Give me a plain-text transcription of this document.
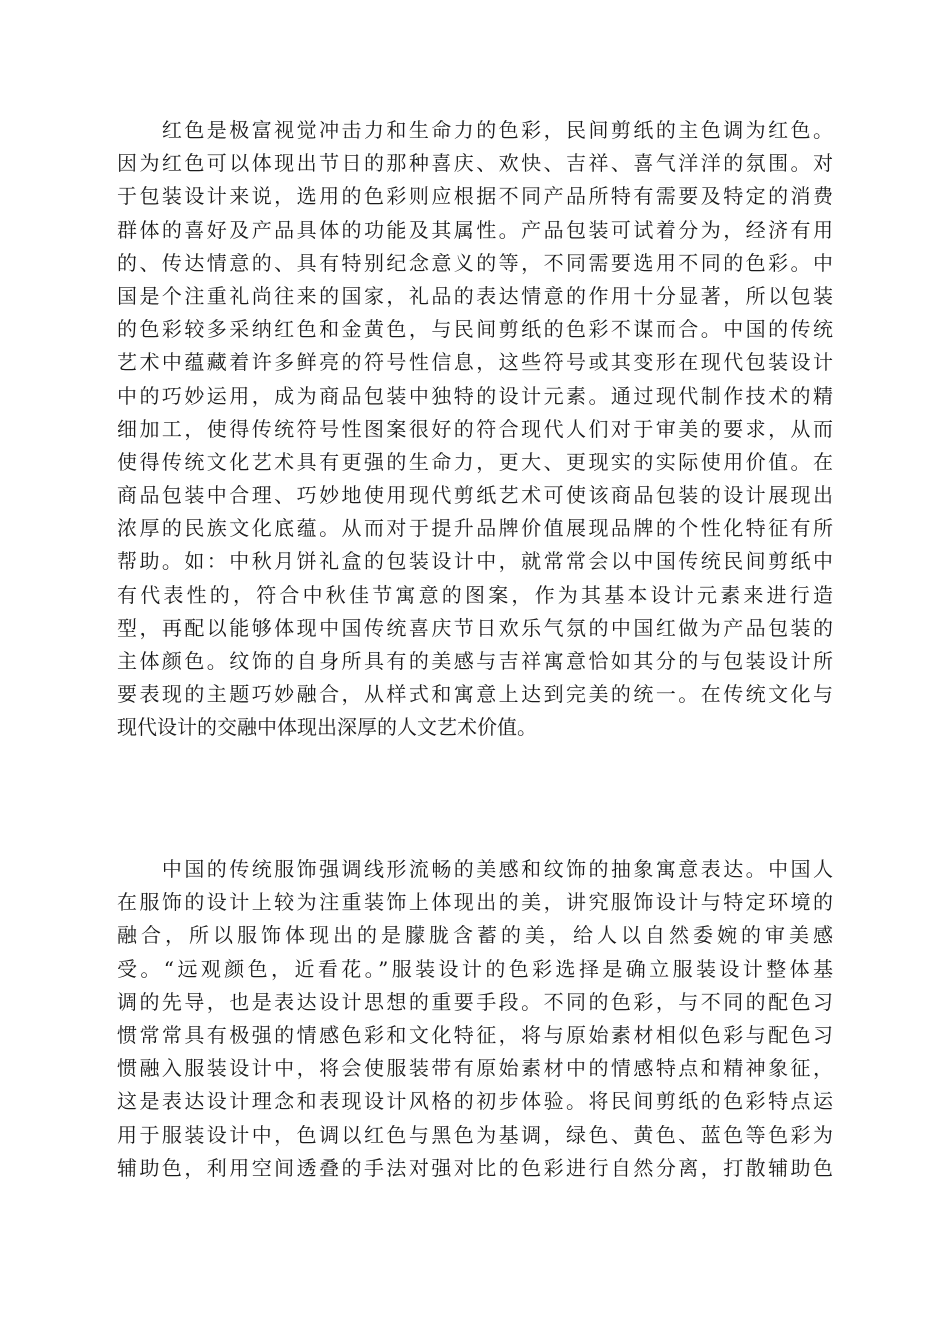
　　红色是极富视觉冲击力和生命力的色彩，民间剪纸的主色调为红色。
因为红色可以体现出节日的那种喜庆、欢快、吉祥、喜气洋洋的氛围。对
于包装设计来说，选用的色彩则应根据不同产品所特有需要及特定的消费
群体的喜好及产品具体的功能及其属性。产品包装可试着分为，经济有用
的、传达情意的、具有特别纪念意义的等，不同需要选用不同的色彩。中
国是个注重礼尚往来的国家，礼品的表达情意的作用十分显著，所以包装
的色彩较多采纳红色和金黄色，与民间剪纸的色彩不谋而合。中国的传统
艺术中蕴藏着许多鲜亮的符号性信息，这些符号或其变形在现代包装设计
中的巧妙运用，成为商品包装中独特的设计元素。通过现代制作技术的精
细加工，使得传统符号性图案很好的符合现代人们对于审美的要求，从而
使得传统文化艺术具有更强的生命力，更大、更现实的实际使用价值。在
商品包装中合理、巧妙地使用现代剪纸艺术可使该商品包装的设计展现出
浓厚的民族文化底蕴。从而对于提升品牌价值展现品牌的个性化特征有所
帮助。如：中秋月饼礼盒的包装设计中，就常常会以中国传统民间剪纸中
有代表性的，符合中秋佳节寓意的图案，作为其基本设计元素来进行造
型，再配以能够体现中国传统喜庆节日欢乐气氛的中国红做为产品包装的
主体颜色。纹饰的自身所具有的美感与吉祥寓意恰如其分的与包装设计所
要表现的主题巧妙融合，从样式和寓意上达到完美的统一。在传统文化与
现代设计的交融中体现出深厚的人文艺术价值。
　　中国的传统服饰强调线形流畅的美感和纹饰的抽象寓意表达。中国人
在服饰的设计上较为注重装饰上体现出的美，讲究服饰设计与特定环境的
融合，所以服饰体现出的是朦胧含蓄的美，给人以自然委婉的审美感
受。“远观颜色，近看花。”服装设计的色彩选择是确立服装设计整体基
调的先导，也是表达设计思想的重要手段。不同的色彩，与不同的配色习
惯常常具有极强的情感色彩和文化特征，将与原始素材相似色彩与配色习
惯融入服装设计中，将会使服装带有原始素材中的情感特点和精神象征，
这是表达设计理念和表现设计风格的初步体验。将民间剪纸的色彩特点运
用于服装设计中，色调以红色与黑色为基调，绿色、黄色、蓝色等色彩为
辅助色，利用空间透叠的手法对强对比的色彩进行自然分离，打散辅助色
